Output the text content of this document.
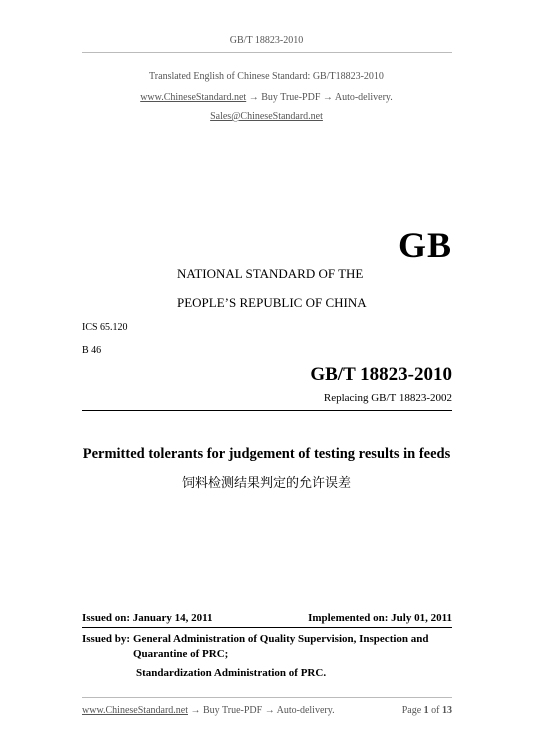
GB/T 18823-2010
Translated English of Chinese Standard: GB/T18823-2010
www.ChineseStandard.net → Buy True-PDF → Auto-delivery.
Sales@ChineseStandard.net
GB
NATIONAL STANDARD OF THE
PEOPLE’S REPUBLIC OF CHINA
ICS 65.120
B 46
GB/T 18823-2010
Replacing GB/T 18823-2002
Permitted tolerants for judgement of testing results in feeds
饲料检测结果判定的允许误差
Issued on: January 14, 2011	Implemented on: July 01, 2011
Issued by: General Administration of Quality Supervision, Inspection and
Quarantine of PRC;
Standardization Administration of PRC.
www.ChineseStandard.net → Buy True-PDF → Auto-delivery.	Page 1 of 13
